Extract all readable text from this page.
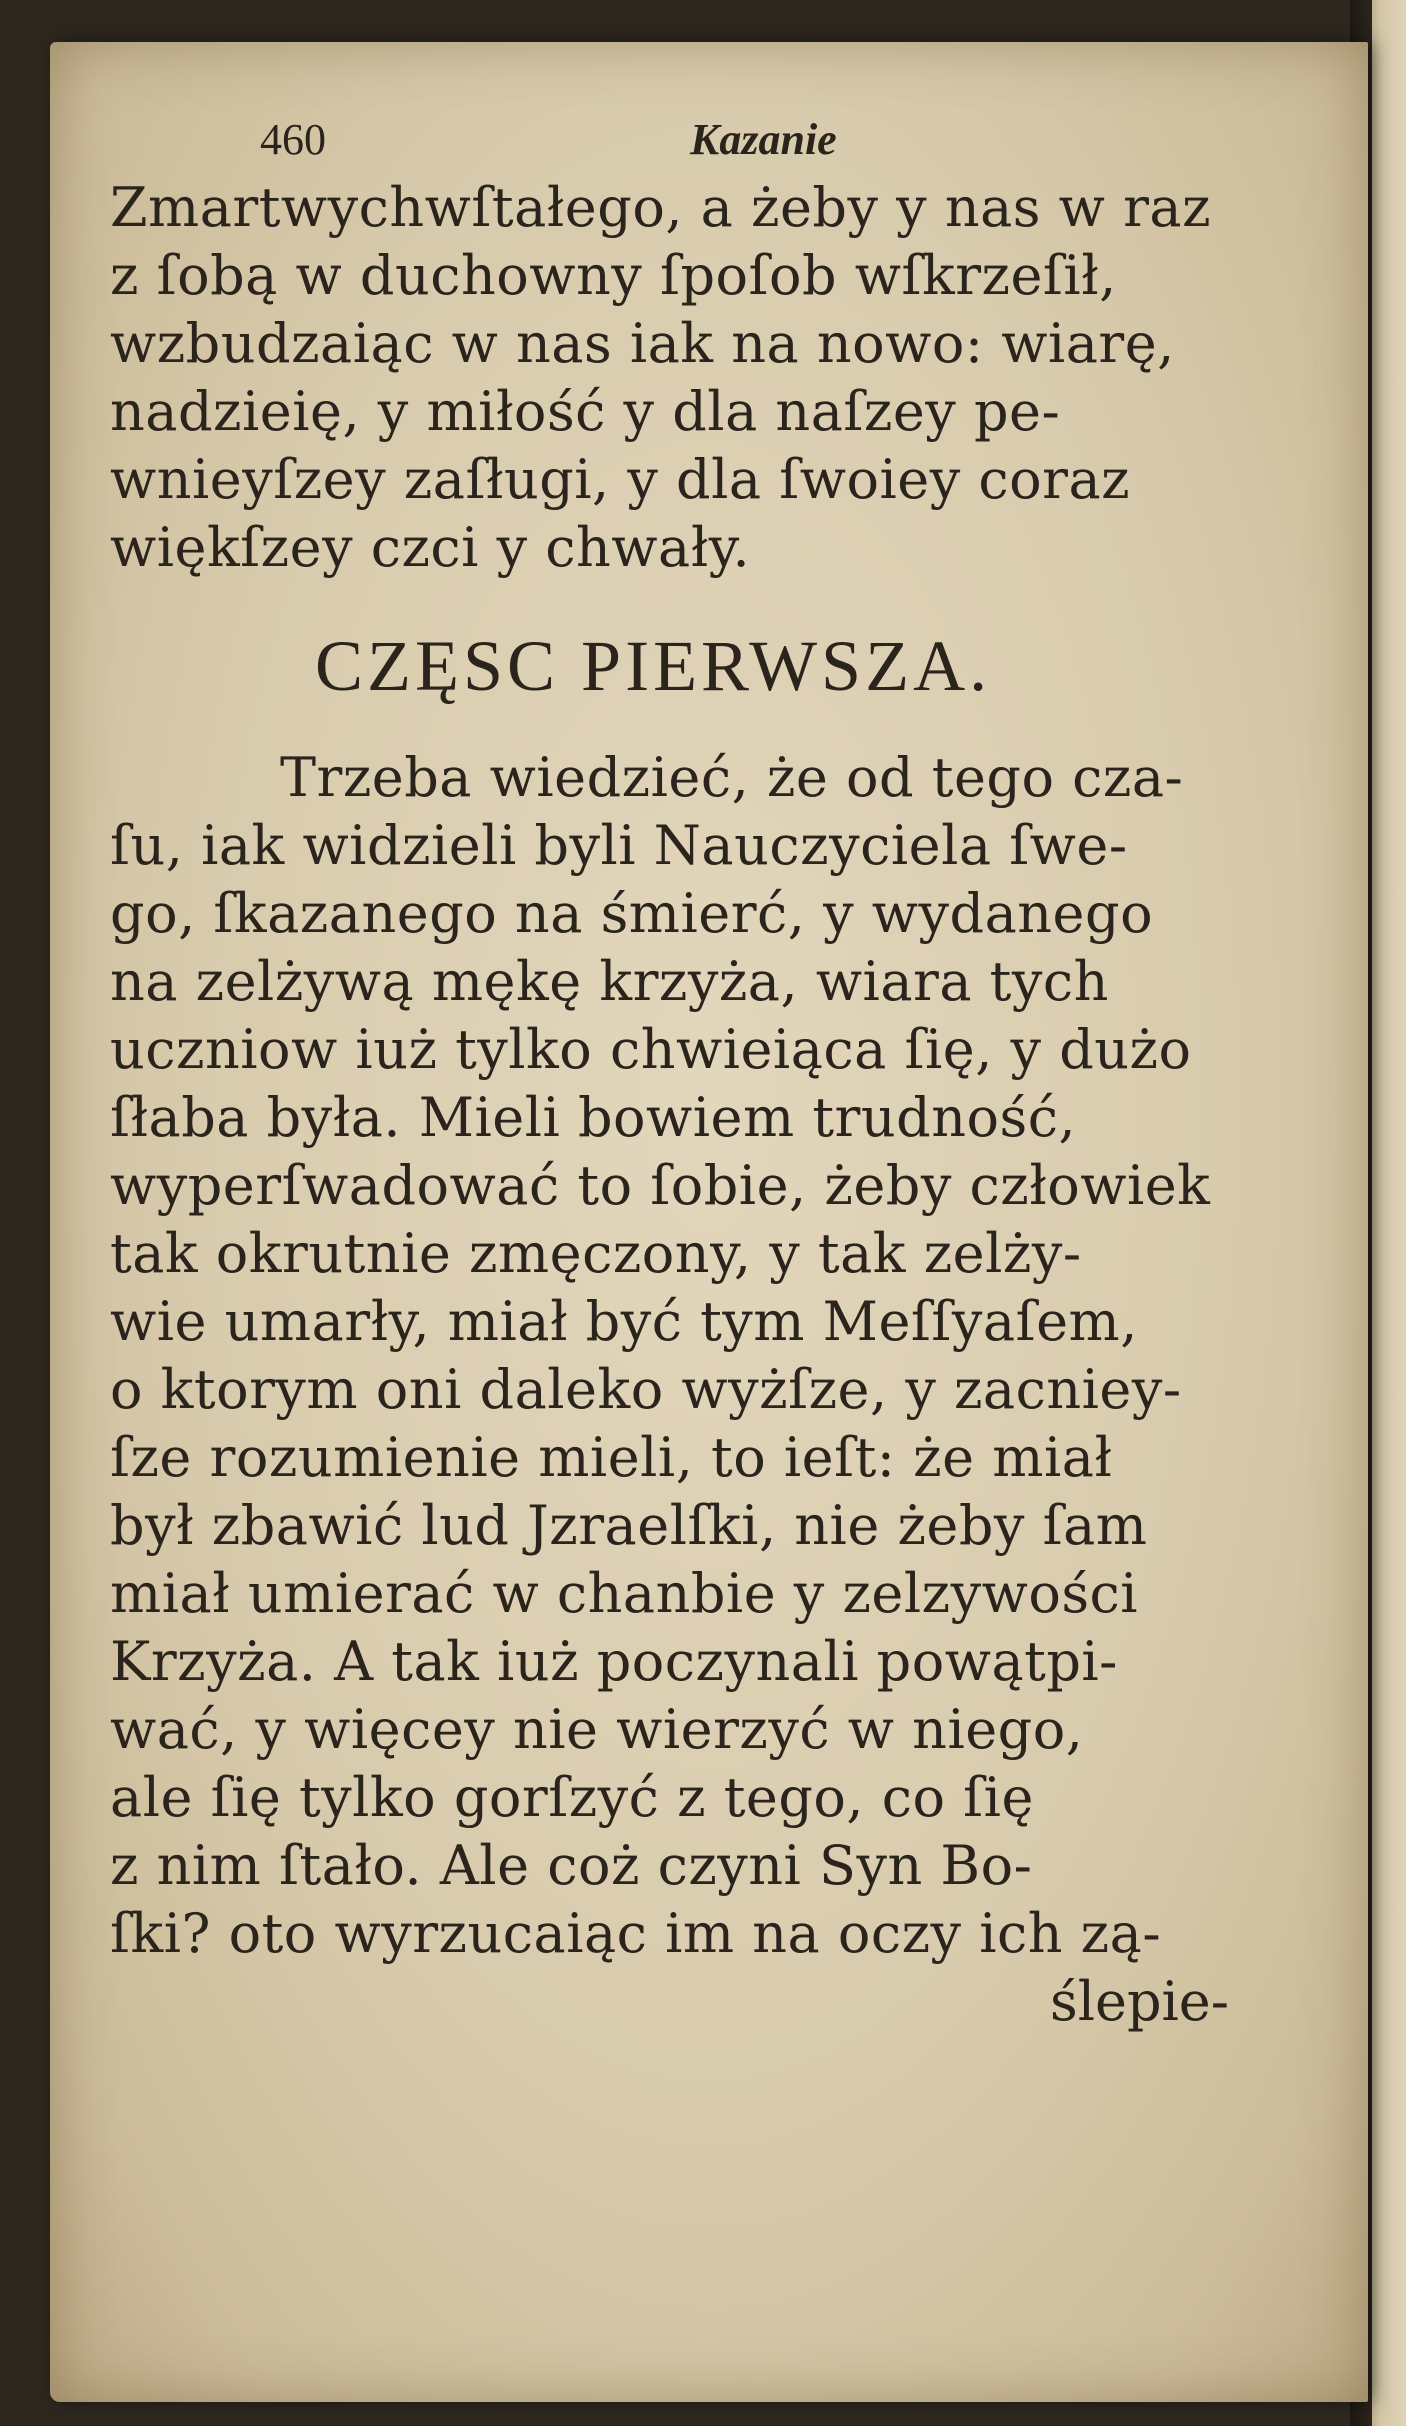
460	Kazanie
Zmartwychwſtałego, a żeby y nas w raz
z ſobą w duchowny ſpoſob wſkrzeſił,
wzbudzaiąc w nas iak na nowo: wiarę,
nadzieię, y miłość y dla naſzey pe-
wnieyſzey zaſługi, y dla ſwoiey coraz
więkſzey czci y chwały.
CZĘSC PIERWSZA.
Trzeba wiedzieć, że od tego cza-
ſu, iak widzieli byli Nauczyciela ſwe-
go, ſkazanego na śmierć, y wydanego
na zelżywą mękę krzyża, wiara tych
uczniow iuż tylko chwieiąca ſię, y dużo
ſłaba była. Mieli bowiem trudność,
wyperſwadować to ſobie, żeby człowiek
tak okrutnie zmęczony, y tak zelży-
wie umarły, miał być tym Meſſyaſem,
o ktorym oni daleko wyżſze, y zacniey-
ſze rozumienie mieli, to ieſt: że miał
był zbawić lud Jzraelſki, nie żeby ſam
miał umierać w chanbie y zelzywości
Krzyża. A tak iuż poczynali powątpi-
wać, y więcey nie wierzyć w niego,
ale ſię tylko gorſzyć z tego, co ſię
z nim ſtało. Ale coż czyni Syn Bo-
ſki? oto wyrzucaiąc im na oczy ich zą-
ślepie-
